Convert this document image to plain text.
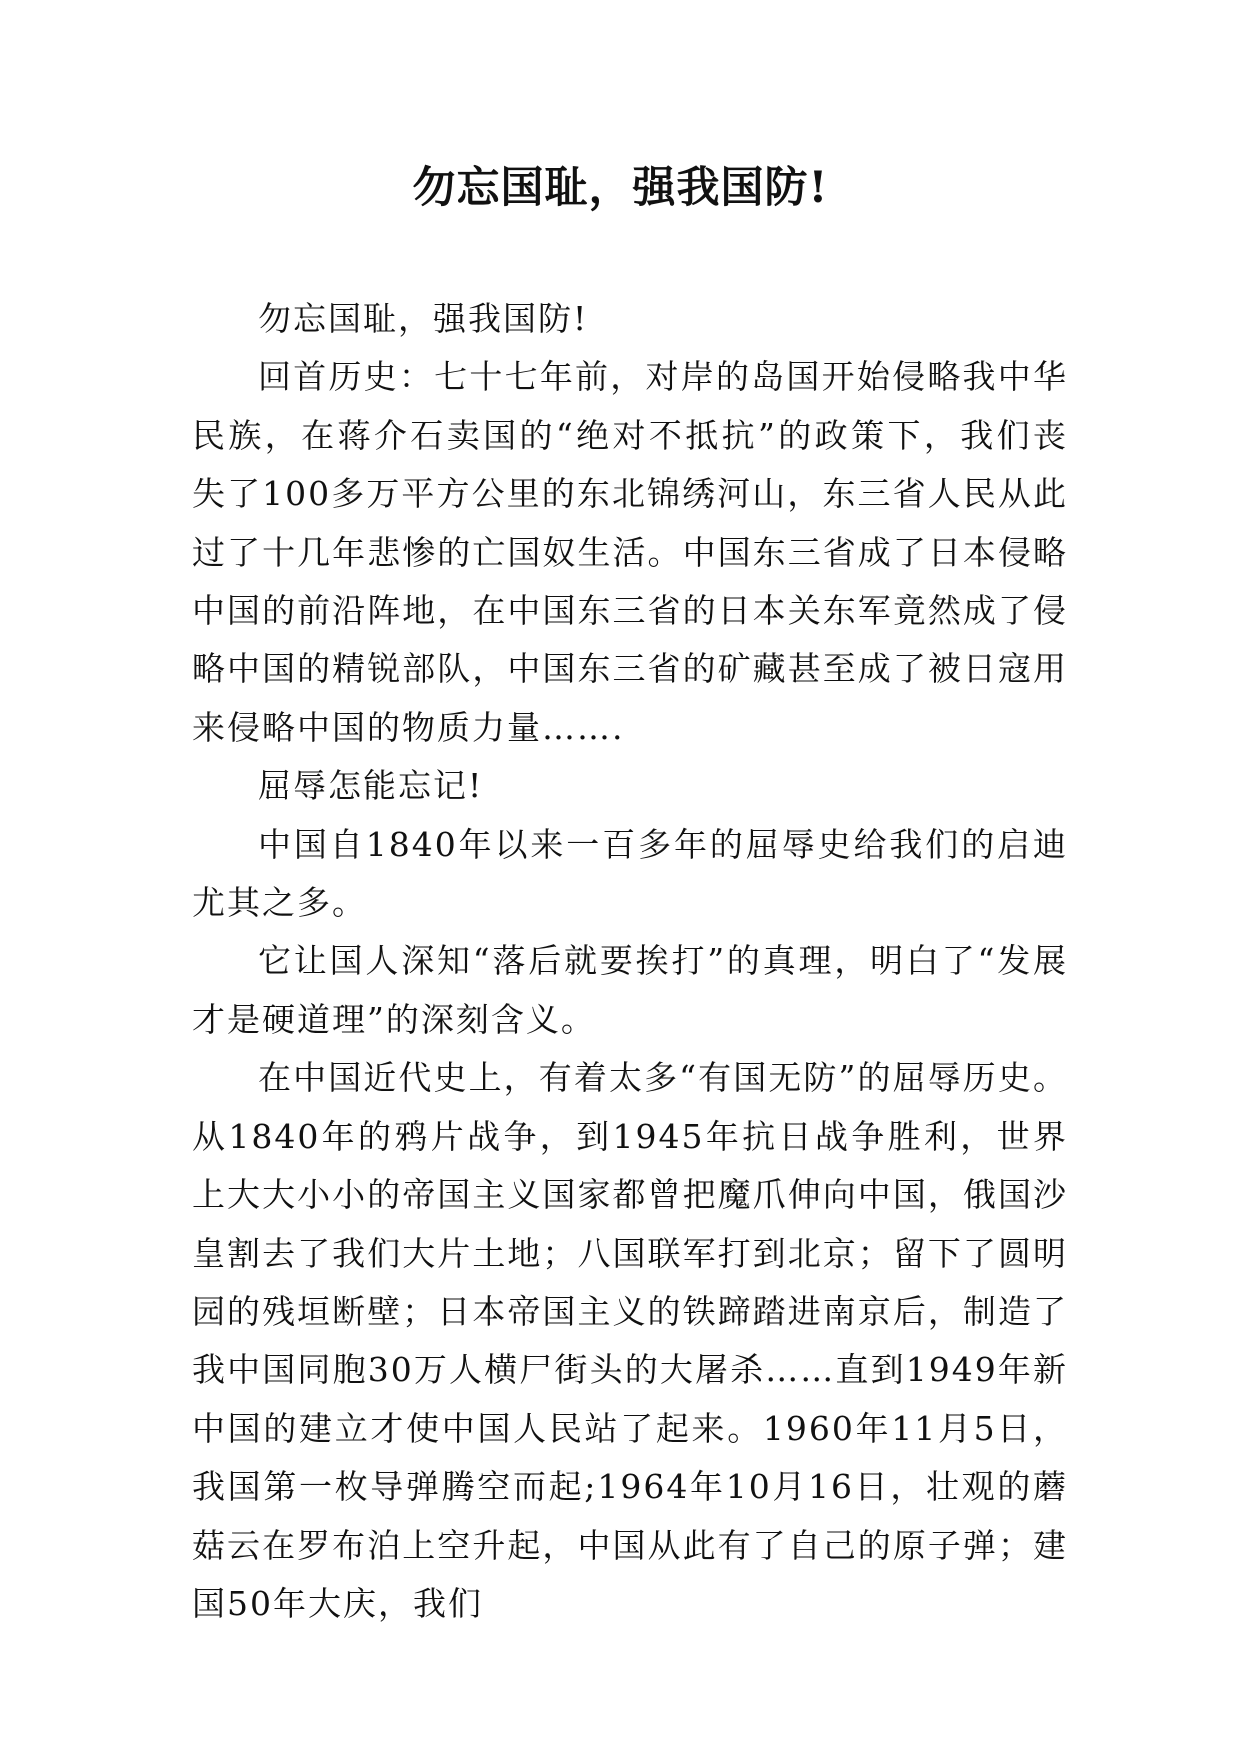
勿忘国耻，强我国防!

勿忘国耻，强我国防!

回首历史：七十七年前，对岸的岛国开始侵略我中华民族，在蒋介石卖国的“绝对不抵抗”的政策下，我们丧失了100多万平方公里的东北锦绣河山，东三省人民从此过了十几年悲惨的亡国奴生活。中国东三省成了日本侵略中国的前沿阵地，在中国东三省的日本关东军竟然成了侵略中国的精锐部队，中国东三省的矿藏甚至成了被日寇用来侵略中国的物质力量…….

屈辱怎能忘记!

中国自1840年以来一百多年的屈辱史给我们的启迪尤其之多。

它让国人深知“落后就要挨打”的真理，明白了“发展才是硬道理”的深刻含义。

在中国近代史上，有着太多“有国无防”的屈辱历史。从1840年的鸦片战争，到1945年抗日战争胜利，世界上大大小小的帝国主义国家都曾把魔爪伸向中国，俄国沙皇割去了我们大片土地；八国联军打到北京；留下了圆明园的残垣断壁；日本帝国主义的铁蹄踏进南京后，制造了我中国同胞30万人横尸街头的大屠杀……直到1949年新中国的建立才使中国人民站了起来。1960年11月5日，我国第一枚导弹腾空而起;1964年10月16日，壮观的蘑菇云在罗布泊上空升起，中国从此有了自己的原子弹；建国50年大庆，我们
